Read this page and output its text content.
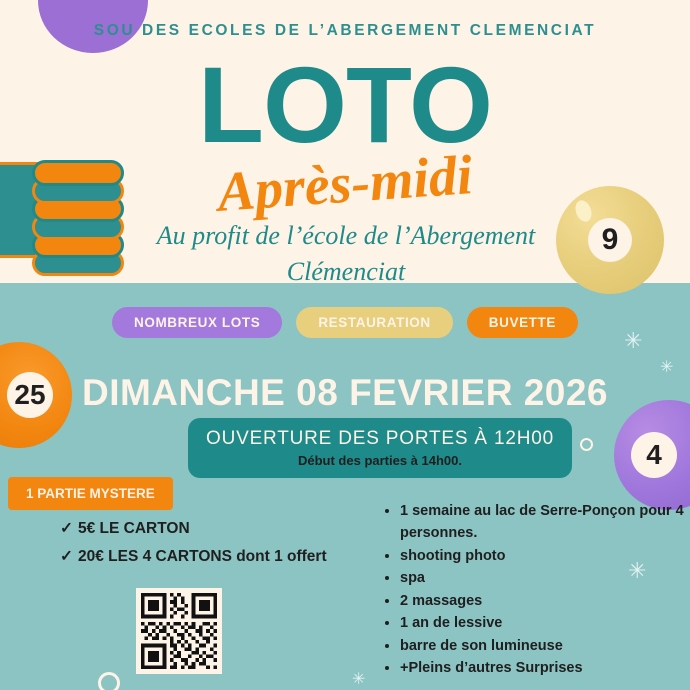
9
25
4
✳
✳
✳
✳
SOU DES ECOLES DE L’ABERGEMENT CLEMENCIAT
LOTO
Après-midi
Au profit de l’école de l’Abergement Clémenciat
NOMBREUX LOTS	RESTAURATION	BUVETTE
DIMANCHE 08 FEVRIER 2026
OUVERTURE DES PORTES À 12H00
Début des parties à 14h00.
1 PARTIE MYSTERE
✓ 5€ LE CARTON
✓ 20€ LES 4 CARTONS dont 1 offert
• 1 semaine au lac de Serre-Ponçon pour 4 personnes.
• shooting photo
• spa
• 2 massages
• 1 an de lessive
• barre de son lumineuse
• +Pleins d’autres Surprises
